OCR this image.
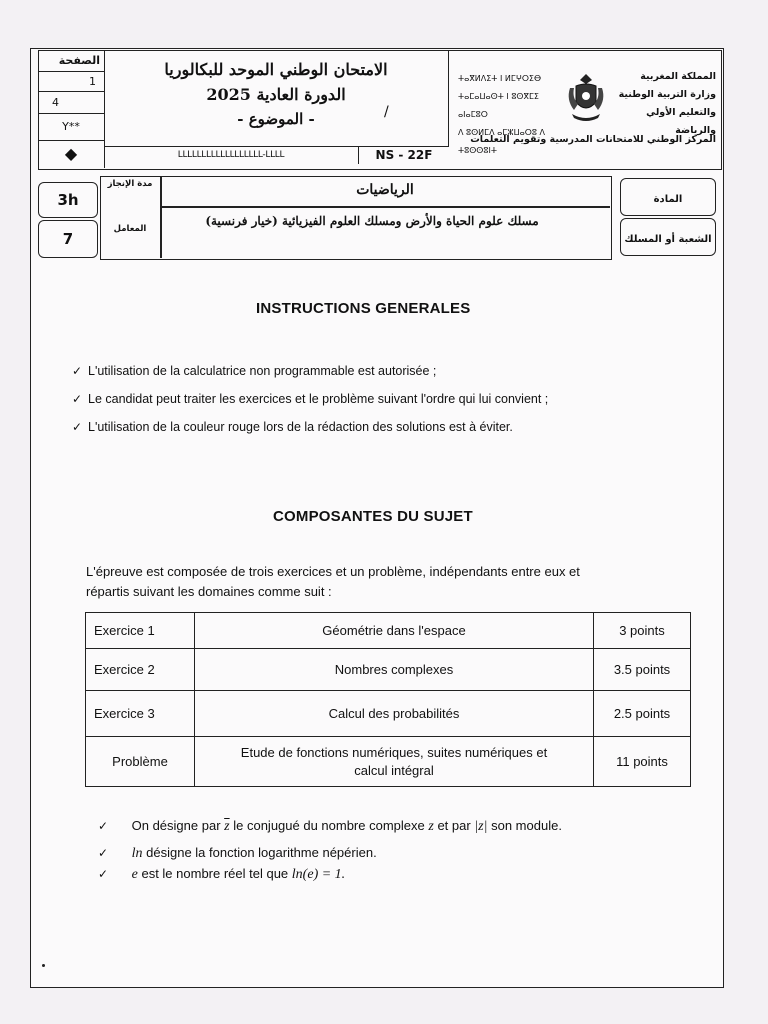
الصفحة
1
4
Y**
◆
الامتحان الوطني الموحد للبكالوريا
الدورة العادية 2025
- الموضوع -	/
LLLLLLLLLLLLLLLLLL-LLLL	NS - 22F
ⵜⴰⴳⵍⴷⵉⵜ ⵏ ⵍⵎⵖⵔⵉⴱ
ⵜⴰⵎⴰⵡⴰⵙⵜ ⵏ ⵓⵙⴳⵎⵉ ⴰⵏⴰⵎⵓⵔ
ⴷ ⵓⵙⵍⵎⴷ ⴰⵎⵣⵡⴰⵔⵓ ⴷ ⵜⵓⵙⵙⵓⵏⵜ
المملكة المغربية
وزارة التربية الوطنية
والتعليم الأولي والرياضة
المركز الوطني للامتحانات المدرسية وتقويم التعلمات
3h
7
مدة الإنجاز
المعامل
الرياضيات
مسلك علوم الحياة والأرض ومسلك العلوم الفيزيائية (خيار فرنسية)
المادة
الشعبة أو المسلك
INSTRUCTIONS GENERALES
✓ L'utilisation de la calculatrice non programmable est autorisée ;
✓ Le candidat peut traiter les exercices et le problème suivant l'ordre qui lui convient ;
✓ L'utilisation de la couleur rouge lors de la rédaction des solutions est à éviter.
COMPOSANTES DU SUJET
L'épreuve est composée de trois exercices et un problème, indépendants entre eux et
répartis suivant les domaines comme suit :
Exercice 1	Géométrie dans l'espace	3 points
Exercice 2	Nombres complexes	3.5 points
Exercice 3	Calcul des probabilités	2.5 points
Problème	Etude de fonctions numériques, suites numériques et
calcul intégral	11 points
✓ On désigne par $\overline{z}$ le conjugué du nombre complexe z et par |z| son module.
✓ ln désigne la fonction logarithme népérien.
✓ e est le nombre réel tel que ln(e) = 1.
